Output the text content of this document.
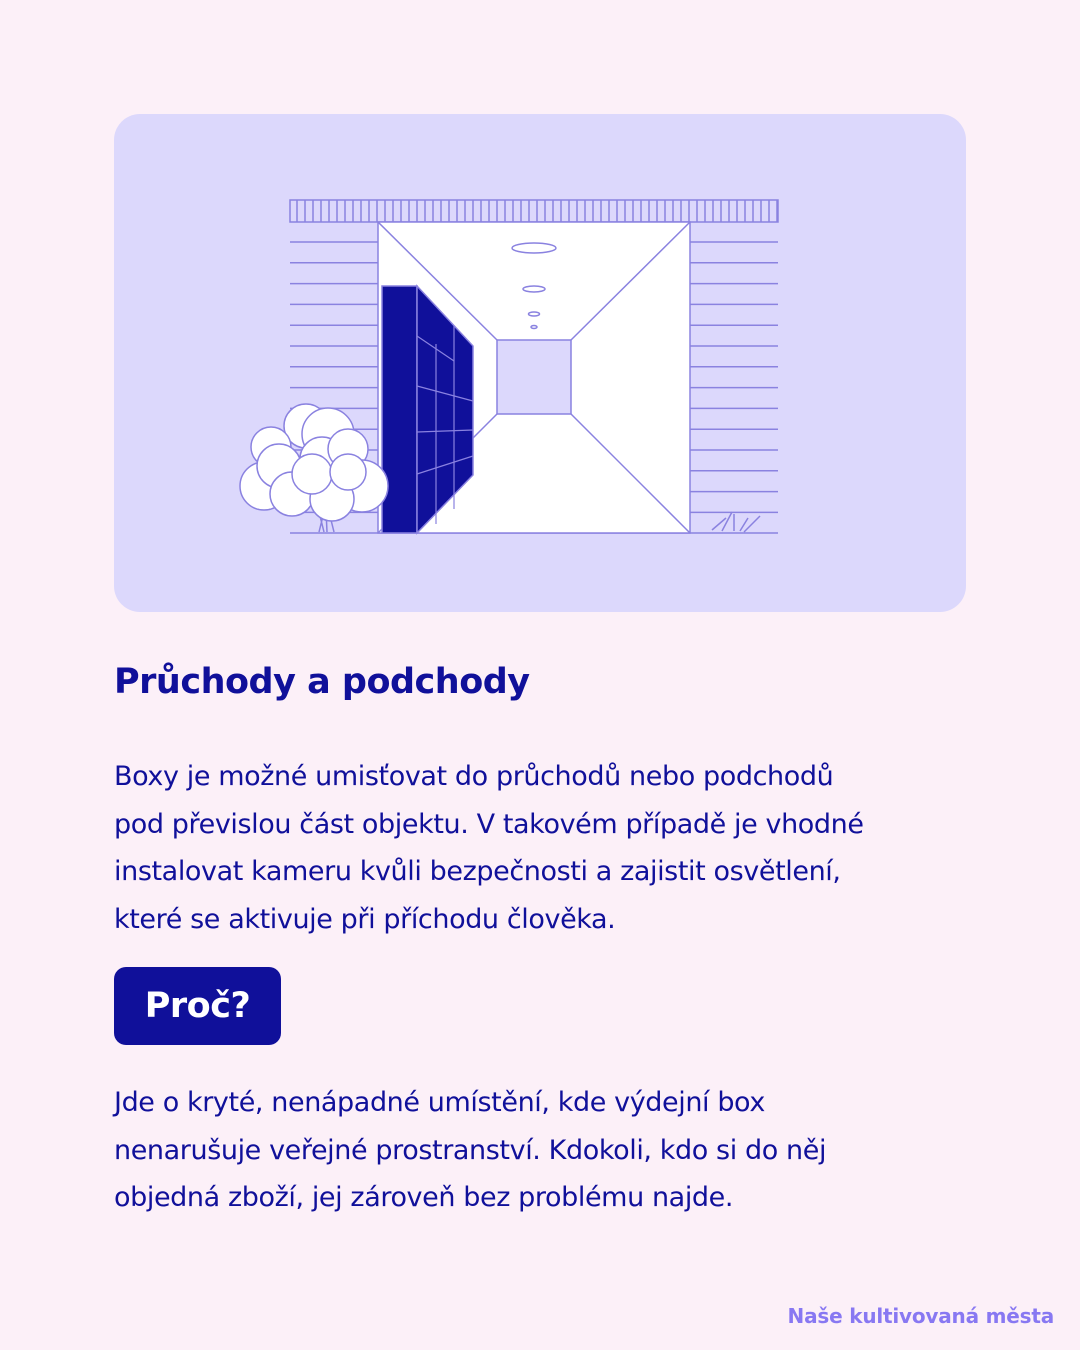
Průchody a podchody

Boxy je možné umisťovat do průchodů nebo podchodů
pod převislou část objektu. V takovém případě je vhodné
instalovat kameru kvůli bezpečnosti a zajistit osvětlení,
které se aktivuje při příchodu člověka.

Proč?

Jde o kryté, nenápadné umístění, kde výdejní box
nenarušuje veřejné prostranství. Kdokoli, kdo si do něj
objedná zboží, jej zároveň bez problému najde.

Naše kultivovaná města
